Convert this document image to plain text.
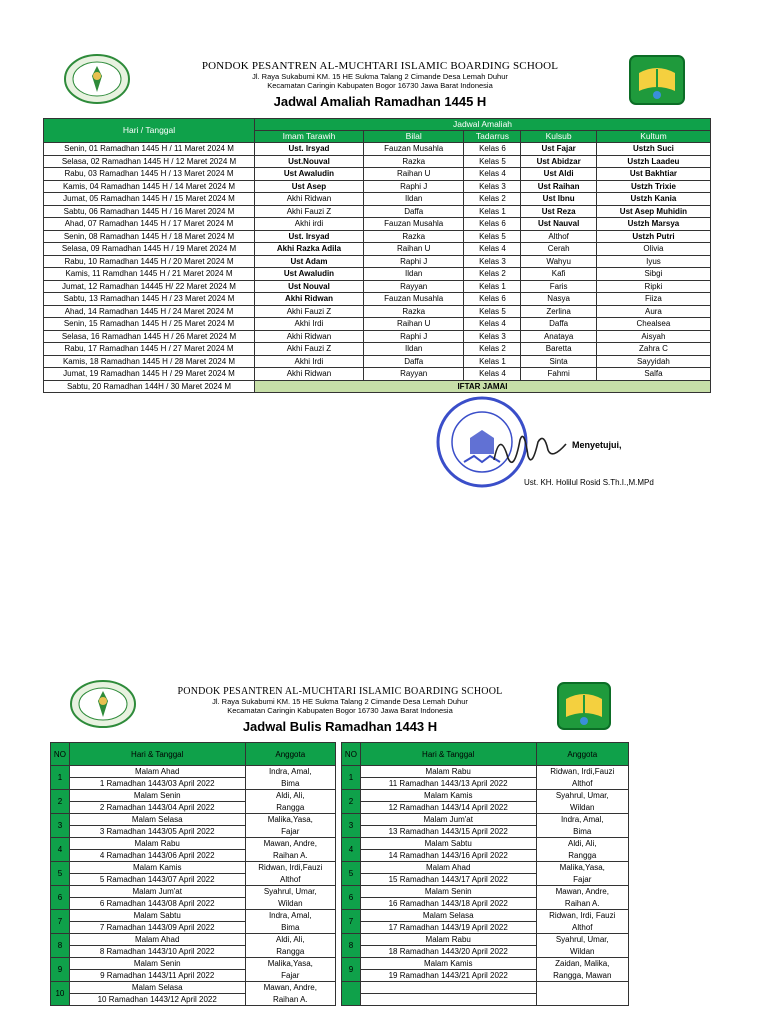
PONDOK PESANTREN AL-MUCHTARI ISLAMIC BOARDING SCHOOL
Jl. Raya Sukabumi KM. 15 HE Sukma Talang 2 Cimande Desa Lemah Duhur
Kecamatan Caringin Kabupaten Bogor 16730 Jawa Barat Indonesia
Jadwal Amaliah Ramadhan 1445 H
Hari / Tanggal	Jadwal Amaliah				
	Imam Tarawih	Bilal	Tadarrus	Kulsub	Kultum
Senin, 01 Ramadhan 1445 H / 11 Maret 2024 M	Ust. Irsyad	Fauzan Musahla	Kelas 6	Ust Fajar	Ustzh Suci
Selasa, 02 Ramadhan 1445 H / 12 Maret 2024 M	Ust.Nouval	Razka	Kelas 5	Ust Abidzar	Ustzh Laadeu
Rabu, 03 Ramadhan 1445 H / 13 Maret 2024 M	Ust Awaludin	Raihan U	Kelas 4	Ust Aldi	Ust Bakhtiar
Kamis, 04 Ramadhan 1445 H / 14 Maret 2024 M	Ust Asep	Raphi J	Kelas 3	Ust Raihan	Ustzh Trixie
Jumat, 05 Ramadhan 1445 H / 15 Maret 2024 M	Akhi Ridwan	Ildan	Kelas 2	Ust Ibnu	Ustzh Kania
Sabtu, 06 Ramadhan 1445 H / 16 Maret 2024 M	Akhi Fauzi Z	Daffa	Kelas 1	Ust Reza	Ust Asep Muhidin
Ahad, 07 Ramadhan 1445 H / 17 Maret 2024 M	Akhi irdi	Fauzan Musahla	Kelas 6	Ust Nauval	Ustzh Marsya
Senin, 08 Ramadhan 1445 H / 18 Maret 2024 M	Ust. Irsyad	Razka	Kelas 5	Althof	Ustzh Putri
Selasa, 09 Ramadhan 1445 H / 19 Maret 2024 M	Akhi Razka Adila	Raihan U	Kelas 4	Cerah	Olivia
Rabu, 10 Ramadhan 1445 H / 20 Maret 2024 M	Ust Adam	Raphi J	Kelas 3	Wahyu	Iyus
Kamis, 11 Ramdhan 1445 H / 21 Maret 2024 M	Ust Awaludin	Ildan	Kelas 2	Kafi	Sibgi
Jumat, 12 Ramadhan 14445 H/ 22 Maret 2024 M	Ust Nouval	Rayyan	Kelas 1	Faris	Ripki
Sabtu, 13 Ramadhan 1445 H / 23 Maret 2024 M	Akhi Ridwan	Fauzan Musahla	Kelas 6	Nasya	Fiiza
Ahad, 14 Ramadhan 1445 H / 24 Maret 2024 M	Akhi Fauzi Z	Razka	Kelas 5	Zerlina	Aura
Senin, 15 Ramadhan 1445 H / 25 Maret 2024 M	Akhi Irdi	Raihan U	Kelas 4	Daffa	Chealsea
Selasa, 16 Ramadhan 1445 H / 26 Maret 2024 M	Akhi Ridwan	Raphi J	Kelas 3	Anataya	Aisyah
Rabu, 17 Ramadhan 1445 H / 27 Maret 2024 M	Akhi Fauzi Z	Ildan	Kelas 2	Baretta	Zahra C
Kamis, 18 Ramadhan 1445 H / 28 Maret 2024 M	Akhi Irdi	Daffa	Kelas 1	Sinta	Sayyidah
Jumat, 19 Ramadhan 1445 H / 29 Maret 2024 M	Akhi Ridwan	Rayyan	Kelas 4	Fahmi	Salfa
Sabtu, 20 Ramadhan 144H / 30 Maret 2024 M	IFTAR JAMAI				
Menyetujui,
Ust. KH. Holilul Rosid S.Th.I.,M.MPd
PONDOK PESANTREN AL-MUCHTARI ISLAMIC BOARDING SCHOOL
Jl. Raya Sukabumi KM. 15 HE Sukma Talang 2 Cimande Desa Lemah Duhur
Kecamatan Caringin Kabupaten Bogor 16730 Jawa Barat Indonesia
Jadwal Bulis Ramadhan 1443 H
NO	Hari & Tanggal	Anggota
1	Malam Ahad	Indra, Amal,
	1 Ramadhan 1443/03 April 2022	Bima
2	Malam Senin	Aldi, Ali,
	2 Ramadhan 1443/04 April 2022	Rangga
3	Malam Selasa	Malika,Yasa,
	3 Ramadhan 1443/05 April 2022	Fajar
4	Malam Rabu	Mawan, Andre,
	4 Ramadhan 1443/06 April 2022	Raihan A.
5	Malam Kamis	Ridwan, Irdi,Fauzi
	5 Ramadhan 1443/07 April 2022	Althof
6	Malam Jum'at	Syahrul, Umar,
	6 Ramadhan 1443/08 April 2022	Wildan
7	Malam Sabtu	Indra, Amal,
	7 Ramadhan 1443/09 April 2022	Bima
8	Malam Ahad	Aldi, Ali,
	8 Ramadhan 1443/10 April 2022	Rangga
9	Malam Senin	Malika,Yasa,
	9 Ramadhan 1443/11 April 2022	Fajar
10	Malam Selasa	Mawan, Andre,
	10 Ramadhan 1443/12 April 2022	Raihan A.
NO	Hari & Tanggal	Anggota
1	Malam Rabu	Ridwan, Irdi,Fauzi
	11 Ramadhan 1443/13 April 2022	Althof
2	Malam Kamis	Syahrul, Umar,
	12 Ramadhan 1443/14 April 2022	Wildan
3	Malam Jum'at	Indra, Amal,
	13 Ramadhan 1443/15 April 2022	Bima
4	Malam Sabtu	Aldi, Ali,
	14 Ramadhan 1443/16 April 2022	Rangga
5	Malam Ahad	Malika,Yasa,
	15 Ramadhan 1443/17 April 2022	Fajar
6	Malam Senin	Mawan, Andre,
	16 Ramadhan 1443/18 April 2022	Raihan A.
7	Malam Selasa	Ridwan, Irdi, Fauzi
	17 Ramadhan 1443/19 April 2022	Althof
8	Malam Rabu	Syahrul, Umar,
	18 Ramadhan 1443/20 April 2022	Wildan
9	Malam Kamis	Zaidan, Malika,
	19 Ramadhan 1443/21 April 2022	Rangga, Mawan
